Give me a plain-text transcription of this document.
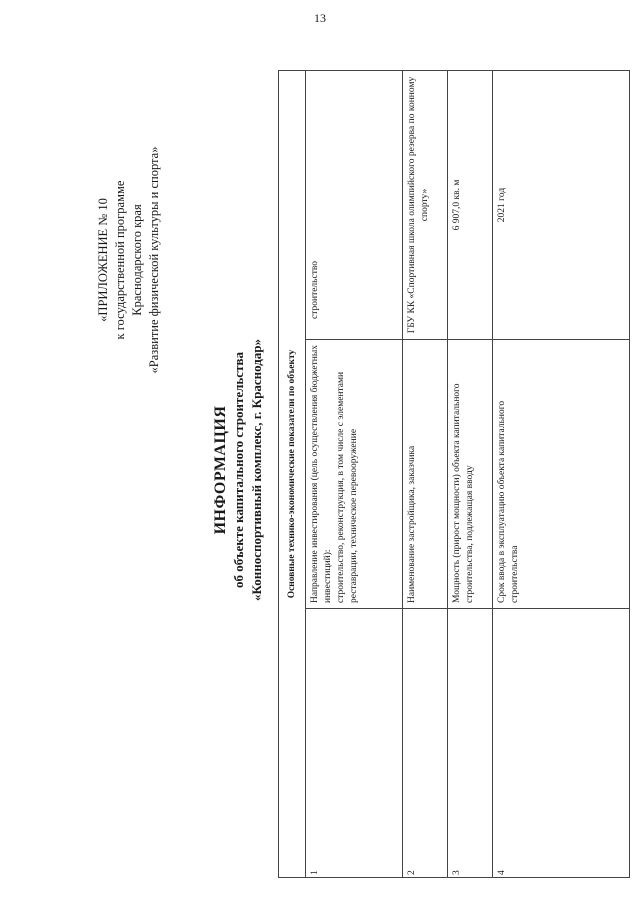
13
«ПРИЛОЖЕНИЕ № 10 к государственной программе Краснодарского края «Развитие физической культуры и спорта»
ИНФОРМАЦИЯ об объекте капитального строительства «Конноспортивный комплекс, г. Краснодар» Основные технико-экономические показатели по объекту		
1	Направление инвестирования (цель осуществления бюджетных инвестиций): строительство, реконструкция, в том числе с элементами реставрации, техническое перевооружение	строительство
2	Наименование застройщика, заказчика	ГБУ КК «Спортивная школа олимпийского резерва по конному спорту»
3	Мощность (прирост мощности) объекта капитального строительства, подлежащая вводу	6 907,0 кв. м
4	Срок ввода в эксплуатацию объекта капитального строительства	2021 год
